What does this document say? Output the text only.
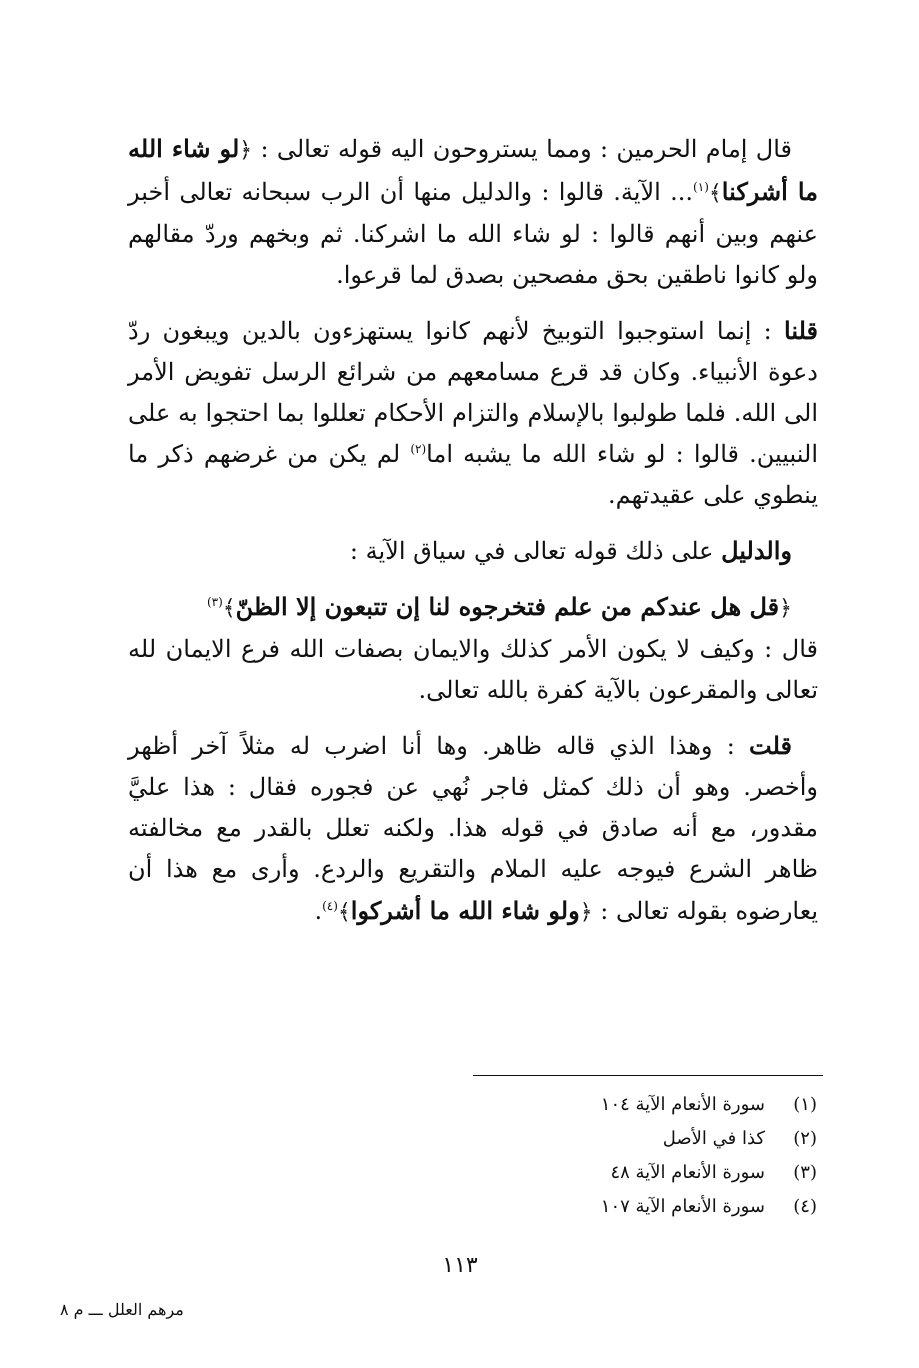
قال إمام الحرمين : ومما يستروحون اليه قوله تعالى : ﴿لو شاء الله ما أشركنا﴾$^{(١)}$... الآية. قالوا : والدليل منها أن الرب سبحانه تعالى أخبر عنهم وبين أنهم قالوا : لو شاء الله ما اشركنا. ثم وبخهم وردّ مقالهم ولو كانوا ناطقين بحق مفصحين بصدق لما قرعوا.

قلنا : إنما استوجبوا التوبيخ لأنهم كانوا يستهزءون بالدين ويبغون ردّ دعوة الأنبياء. وكان قد قرع مسامعهم من شرائع الرسل تفويض الأمر الى الله. فلما طولبوا بالإسلام والتزام الأحكام تعللوا بما احتجوا به على النبيين. قالوا : لو شاء الله ما يشبه اما$^{(٢)}$ لم يكن من غرضهم ذكر ما ينطوي على عقيدتهم.

والدليل على ذلك قوله تعالى في سياق الآية :

﴿قل هل عندكم من علم فتخرجوه لنا إن تتبعون إلا الظنّ﴾$^{(٣)}$
قال : وكيف لا يكون الأمر كذلك والايمان بصفات الله فرع الايمان لله تعالى والمقرعون بالآية كفرة بالله تعالى.

قلت : وهذا الذي قاله ظاهر. وها أنا اضرب له مثلاً آخر أظهر وأخصر. وهو أن ذلك كمثل فاجر نُهي عن فجوره فقال : هذا عليَّ مقدور، مع أنه صادق في قوله هذا. ولكنه تعلل بالقدر مع مخالفته ظاهر الشرع فيوجه عليه الملام والتقريع والردع. وأرى مع هذا أن يعارضوه بقوله تعالى : ﴿ولو شاء الله ما أشركوا﴾$^{(٤)}$.

(١)
سورة الأنعام الآية ١٠٤
(٢)
كذا في الأصل
(٣)
سورة الأنعام الآية ٤٨
(٤)
سورة الأنعام الآية ١٠٧
١١٣
مرهم العلل ـــ م ٨
